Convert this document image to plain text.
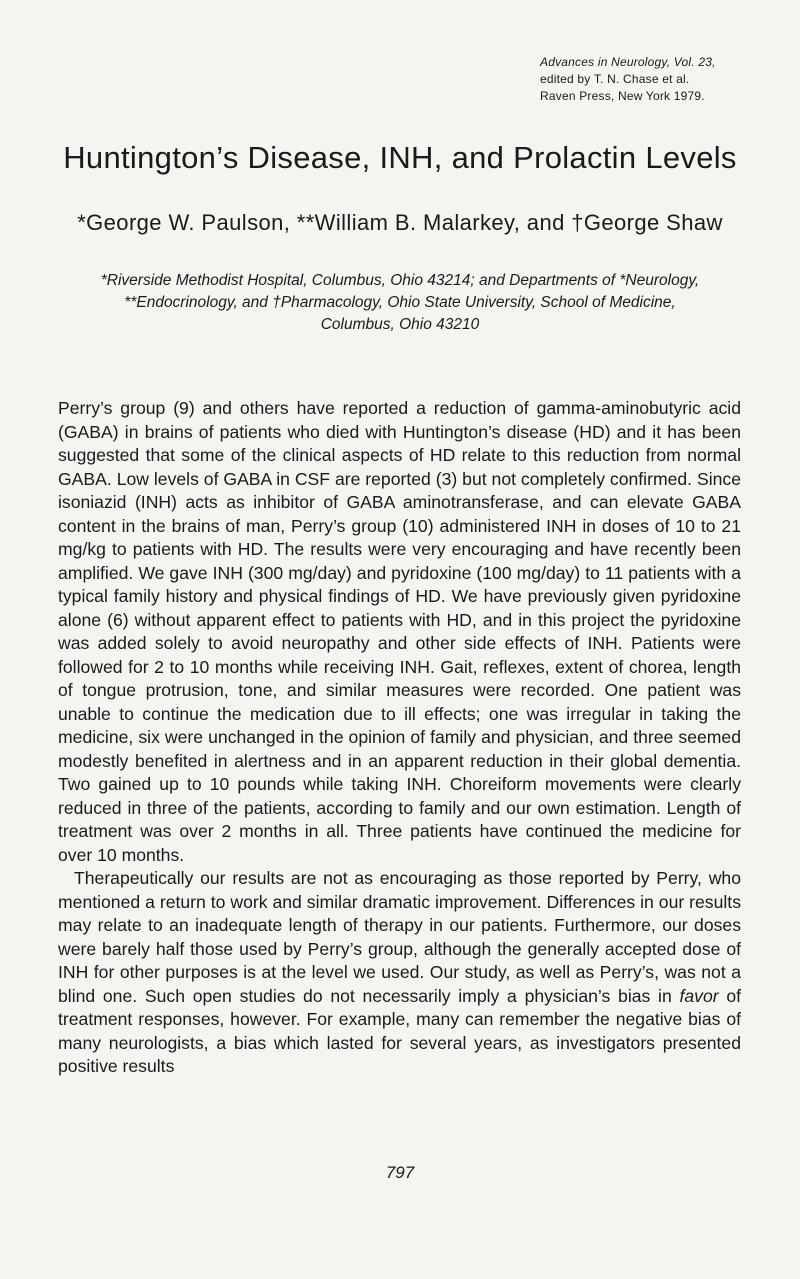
Advances in Neurology, Vol. 23,
edited by T. N. Chase et al.
Raven Press, New York 1979.
Huntington’s Disease, INH, and Prolactin Levels
*George W. Paulson, **William B. Malarkey, and †George Shaw
*Riverside Methodist Hospital, Columbus, Ohio 43214; and Departments of *Neurology,
**Endocrinology, and †Pharmacology, Ohio State University, School of Medicine,
Columbus, Ohio 43210

Perry’s group (9) and others have reported a reduction of gamma-aminobutyric acid (GABA) in brains of patients who died with Huntington’s disease (HD) and it has been suggested that some of the clinical aspects of HD relate to this reduction from normal GABA. Low levels of GABA in CSF are reported (3) but not completely confirmed. Since isoniazid (INH) acts as inhibitor of GABA aminotransferase, and can elevate GABA content in the brains of man, Perry’s group (10) administered INH in doses of 10 to 21 mg/kg to patients with HD. The results were very encouraging and have recently been amplified. We gave INH (300 mg/day) and pyridoxine (100 mg/day) to 11 patients with a typical family history and physical findings of HD. We have previously given pyridoxine alone (6) without apparent effect to patients with HD, and in this project the pyridoxine was added solely to avoid neuropathy and other side effects of INH. Patients were followed for 2 to 10 months while receiving INH. Gait, reflexes, extent of chorea, length of tongue protrusion, tone, and similar measures were recorded. One patient was unable to continue the medication due to ill effects; one was irregular in taking the medicine, six were unchanged in the opinion of family and physician, and three seemed modestly benefited in alertness and in an apparent reduction in their global dementia. Two gained up to 10 pounds while taking INH. Choreiform movements were clearly reduced in three of the patients, according to family and our own estimation. Length of treatment was over 2 months in all. Three patients have continued the medicine for over 10 months.

Therapeutically our results are not as encouraging as those reported by Perry, who mentioned a return to work and similar dramatic improvement. Differences in our results may relate to an inadequate length of therapy in our patients. Furthermore, our doses were barely half those used by Perry’s group, although the generally accepted dose of INH for other purposes is at the level we used. Our study, as well as Perry’s, was not a blind one. Such open studies do not necessarily imply a physician’s bias in favor of treatment responses, however. For example, many can remember the negative bias of many neurologists, a bias which lasted for several years, as investigators presented positive results

797
